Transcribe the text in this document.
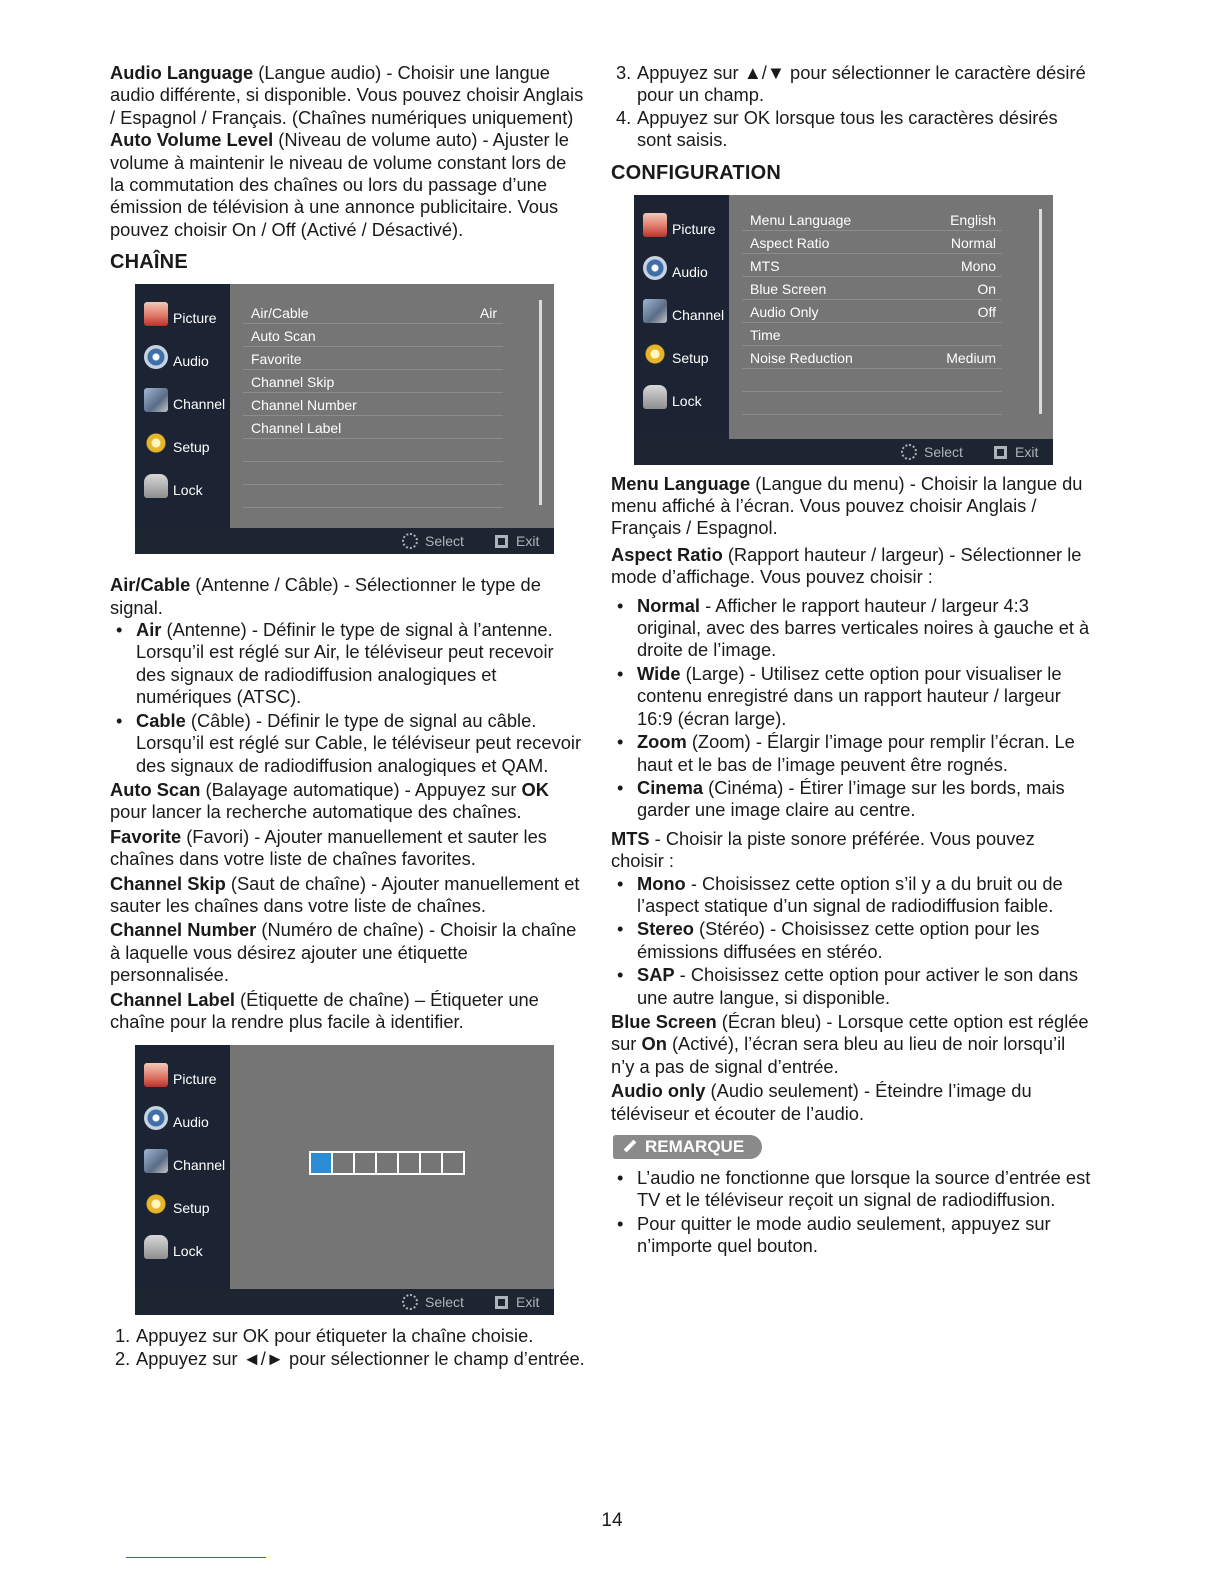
Audio Language (Langue audio) - Choisir une langue audio différente, si disponible. Vous pouvez choisir Anglais / Espagnol / Français. (Chaînes numériques uniquement)

Auto Volume Level (Niveau de volume auto) - Ajuster le volume à maintenir le niveau de volume constant lors de la commutation des chaînes ou lors du passage d’une émission de télévision à une annonce publicitaire. Vous pouvez choisir On / Off (Activé / Désactivé).

CHAÎNE
Picture
Audio
Channel
Setup
Lock
Air/Cable	Air
Auto Scan
Favorite
Channel Skip
Channel Number
Channel Label
Select	Exit

Air/Cable (Antenne / Câble) - Sélectionner le type de signal.

• Air (Antenne) - Définir le type de signal à l’antenne. Lorsqu’il est réglé sur Air, le téléviseur peut recevoir des signaux de radiodiffusion analogiques et numériques (ATSC).
• Cable (Câble) - Définir le type de signal au câble. Lorsqu’il est réglé sur Cable, le téléviseur peut recevoir des signaux de radiodiffusion analogiques et QAM.

Auto Scan (Balayage automatique) - Appuyez sur OK pour lancer la recherche automatique des chaînes.

Favorite (Favori) - Ajouter manuellement et sauter les chaînes dans votre liste de chaînes favorites.

Channel Skip (Saut de chaîne) - Ajouter manuellement et sauter les chaînes dans votre liste de chaînes.

Channel Number (Numéro de chaîne) - Choisir la chaîne à laquelle vous désirez ajouter une étiquette personnalisée.

Channel Label (Étiquette de chaîne) – Étiqueter une chaîne pour la rendre plus facile à identifier.

Picture
Audio
Channel
Setup
Lock
Select	Exit
1. Appuyez sur OK pour étiqueter la chaîne choisie.
2. Appuyez sur ◄/► pour sélectionner le champ d’entrée.
3. Appuyez sur ▲/▼ pour sélectionner le caractère désiré pour un champ.
4. Appuyez sur OK lorsque tous les caractères désirés sont saisis.
CONFIGURATION
Picture
Audio
Channel
Setup
Lock
Menu Language	English
Aspect Ratio	Normal
MTS	Mono
Blue Screen	On
Audio Only	Off
Time
Noise Reduction	Medium
Select	Exit

Menu Language (Langue du menu) - Choisir la langue du menu affiché à l’écran. Vous pouvez choisir Anglais / Français / Espagnol.

Aspect Ratio (Rapport hauteur / largeur) - Sélectionner le mode d’affichage. Vous pouvez choisir :

• Normal - Afficher le rapport hauteur / largeur 4:3 original, avec des barres verticales noires à gauche et à droite de l’image.
• Wide (Large) - Utilisez cette option pour visualiser le contenu enregistré dans un rapport hauteur / largeur 16:9 (écran large).
• Zoom (Zoom) - Élargir l’image pour remplir l’écran. Le haut et le bas de l’image peuvent être rognés.
• Cinema (Cinéma) - Étirer l’image sur les bords, mais garder une image claire au centre.

MTS - Choisir la piste sonore préférée. Vous pouvez choisir :

• Mono - Choisissez cette option s’il y a du bruit ou de l’aspect statique d’un signal de radiodiffusion faible.
• Stereo (Stéréo) - Choisissez cette option pour les émissions diffusées en stéréo.
• SAP - Choisissez cette option pour activer le son dans une autre langue, si disponible.

Blue Screen (Écran bleu) - Lorsque cette option est réglée sur On (Activé), l’écran sera bleu au lieu de noir lorsqu’il n’y a pas de signal d’entrée.

Audio only (Audio seulement) - Éteindre l’image du téléviseur et écouter de l’audio.

REMARQUE
• L’audio ne fonctionne que lorsque la source d’entrée est TV et le téléviseur reçoit un signal de radiodiffusion.
• Pour quitter le mode audio seulement, appuyez sur n’importe quel bouton.
14
